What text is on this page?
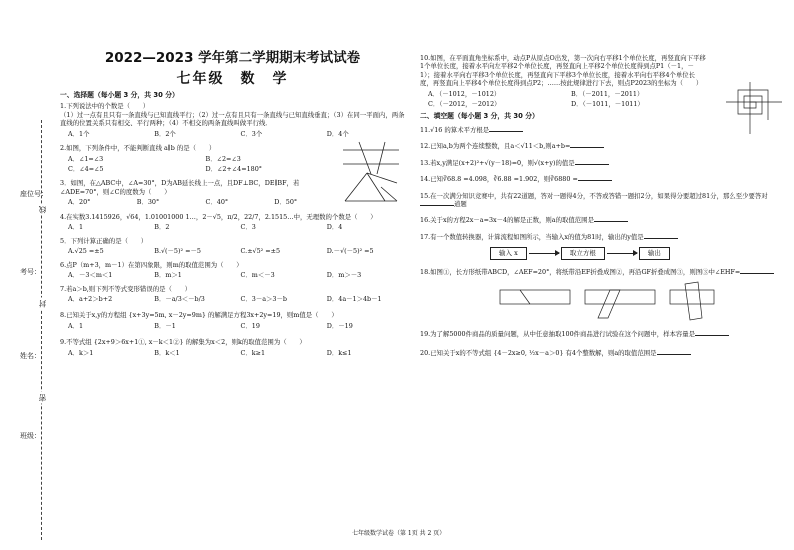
座位号：
考号：
姓名：
班级：
线
封
密
2022—2023 学年第二学期期末考试试卷
七年级　数　学
一、选择题（每小题 3 分，共 30 分）
1.下列说法中的个数是（　　）
（1）过一点有且只有一条直线与已知直线平行；（2）过一点有且只有一条直线与已知直线垂直；（3）在同一平面内，两条直线的位置关系只有相交、平行两种；（4）不相交的两条直线叫做平行线．
A．1个	B．2个	C．3个	D．4个
2.如图，下列条件中，不能判断直线 a∥b 的是（　　）
A．∠1=∠3	B．∠2=∠3
C．∠4=∠5	D．∠2+∠4=180°
3．如图，在△ABC中，∠A=30°，D为AB延长线上一点，且DF⊥BC，DE∥BF，若∠ADE=70°，则∠C的度数为（　　）
A．20°	B．30°	C．40°	D．50°
4.在实数3.1415926，√64，1.01001000 1…，2－√5，π/2，22/7，2.1515…中，无理数的个数是（　　）
A．1	B．2	C．3	D．4
5．下列计算正确的是（　　）
A.√25 =±5	B.√(－5)² =－5	C.±√5² =±5	D.－√(－5)² =5
6.点P（m+3，m－1）在第四象限，则m的取值范围为（　　）
A．－3＜m＜1	B．m＞1	C．m＜－3	D．m＞－3
7.若a＞b,则下列不等式变形错误的是（　　）
A．a+2＞b+2	B．－a/3＜－b/3	C．3－a＞3－b	D．4a－1＞4b－1
8.已知关于x,y的方程组 {x+3y=5m, x－2y=9m} 的解满足方程3x+2y=19，则m值是（　　）
A．1	B．－1	C．19	D．－19
9.不等式组 {2x+9＞6x+1①, x－k＜1②} 的解集为x＜2，则k的取值范围为（　　）
A．k＞1	B．k＜1	C．k≥1	D．k≤1
10.如图，在平面直角坐标系中，动点P从原点O出发，第一次向右平移1个单位长度，再竖直向下平移1个单位长度，接着水平向左平移2个单位长度，再竖直向上平移2个单位长度得到点P1（－1，－1）；接着水平向右平移3个单位长度，再竖直向下平移3个单位长度，接着水平向右平移4个单位长度，再竖直向上平移4个单位长度得到点P2；……按此规律进行下去，则点P2023的坐标为（　　）
A．（－1012，－1012）	B．（－2011，－2011）
C．（－2012，－2012）	D．（－1011，－1011）
二、填空题（每小题 3 分，共 30 分）
11.√16 的算术平方根是
12.已知a,b为两个连续整数，且a＜√11＜b,则a+b=
13.若x,y满足(x+2)²+√(y－18)=0，则√(x+y)的值是
14.已知∛68.8 =4.098，∛6.88 =1.902，则∛6880 =
15.在一次满分知识竞赛中，共有22道题，答对一题得4分，不答或答错一题扣2分，如果得分要超过81分，那么至少要答对道题
16.关于x的方程2x－a=3x－4的解是正数，则a的取值范围是
17.有一个数值转换器，计算流程如图所示，当输入x的值为81时，输出的y值是
输入 x	取立方根	输出
18.如图①，长方形纸带ABCD，∠AEF=20°，将纸带沿EF折叠成图②，再沿GF折叠成图③，则图③中∠EHF=
19.为了解5000件商品的质量问题，从中任意抽取100件商品进行试验在这个问题中，样本容量是
20.已知关于x的不等式组 {4－2x≥0, ½x－a＞0} 有4个整数解，则a的取值范围是
七年级数学试卷（第 1页 共 2 页）
